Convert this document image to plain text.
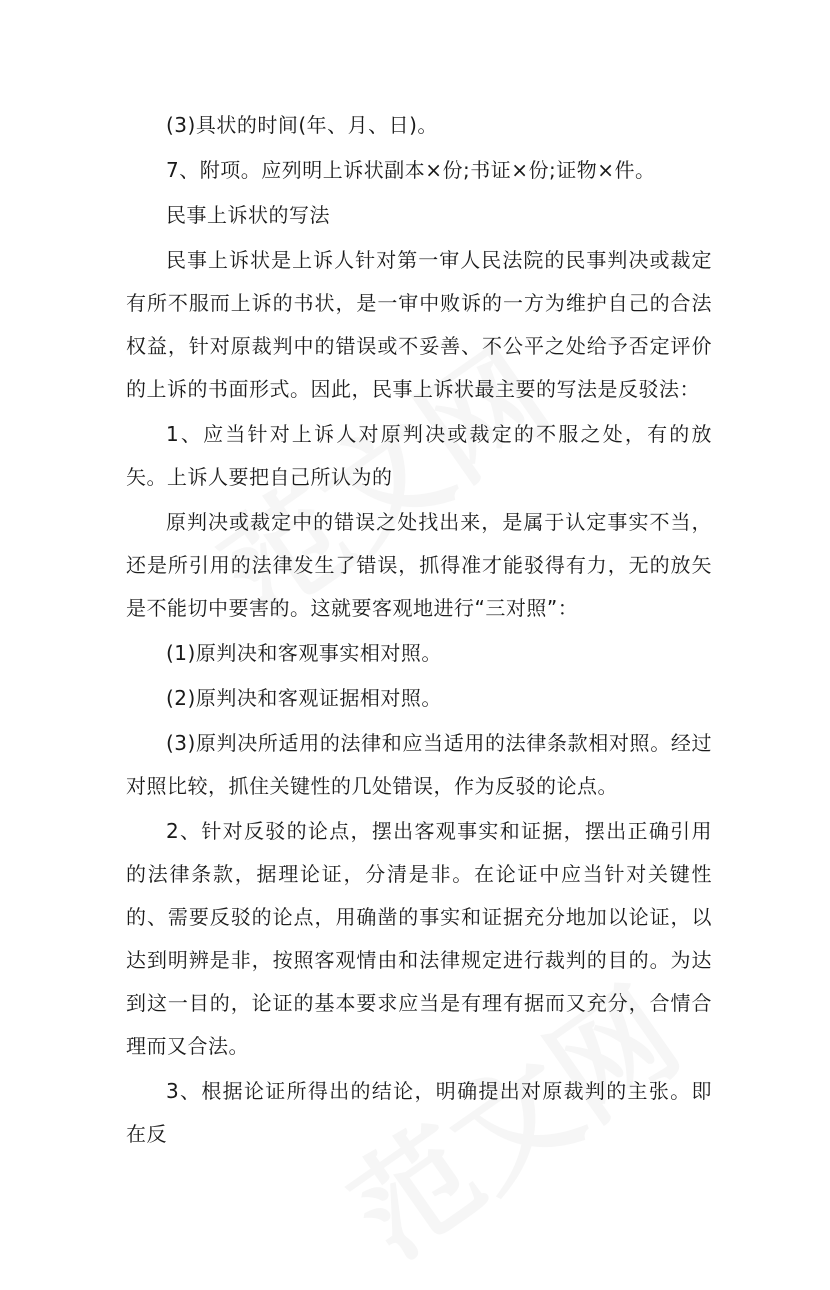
(3)具状的时间(年、月、日)。

7、附项。应列明上诉状副本×份;书证×份;证物×件。

民事上诉状的写法

民事上诉状是上诉人针对第一审人民法院的民事判决或裁定有所不服而上诉的书状，是一审中败诉的一方为维护自己的合法权益，针对原裁判中的错误或不妥善、不公平之处给予否定评价的上诉的书面形式。因此，民事上诉状最主要的写法是反驳法：

1、应当针对上诉人对原判决或裁定的不服之处，有的放矢。上诉人要把自己所认为的

原判决或裁定中的错误之处找出来，是属于认定事实不当，还是所引用的法律发生了错误，抓得准才能驳得有力，无的放矢是不能切中要害的。这就要客观地进行“三对照”：

(1)原判决和客观事实相对照。

(2)原判决和客观证据相对照。

(3)原判决所适用的法律和应当适用的法律条款相对照。经过对照比较，抓住关键性的几处错误，作为反驳的论点。

2、针对反驳的论点，摆出客观事实和证据，摆出正确引用的法律条款，据理论证，分清是非。在论证中应当针对关键性的、需要反驳的论点，用确凿的事实和证据充分地加以论证，以达到明辨是非，按照客观情由和法律规定进行裁判的目的。为达到这一目的，论证的基本要求应当是有理有据而又充分，合情合理而又合法。

3、根据论证所得出的结论，明确提出对原裁判的主张。即在反
